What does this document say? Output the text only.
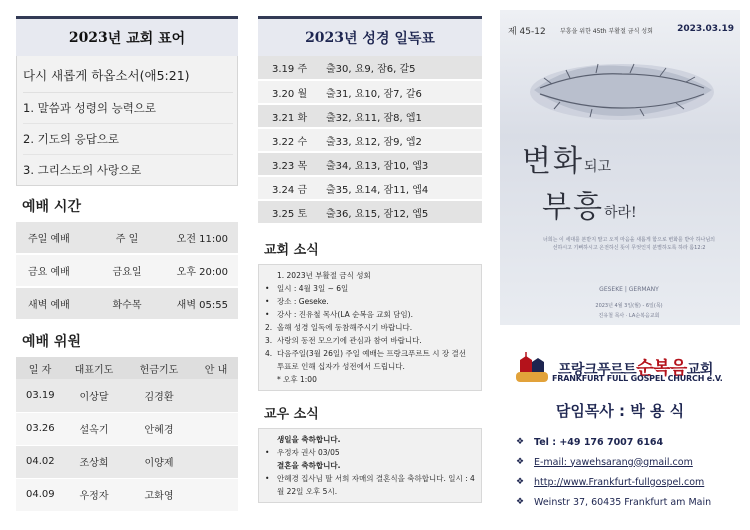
2023 년 교회 표어
다시 새롭게 하옵소서(애5:21)
1. 말씀과 성령의 능력으로
2. 기도의 응답으로
3. 그리스도의 사랑으로
예배 시간
주일 예배	주 일	오전 11:00
금요 예배	금요일	오후 20:00
새벽 예배	화수목	새벽 05:55
예배 위원
일 자	대표기도	헌금기도	안 내
03.19	이상달	김경환	
03.26	설옥기	안혜경	
04.02	조상희	이양제	
04.09	우정자	고화영	
2023 년 성경 일독표
3.19 주	출30, 요9, 잠6, 갈5
3.20 월	출31, 요10, 잠7, 갈6
3.21 화	출32, 요11, 잠8, 엡1
3.22 수	출33, 요12, 잠9, 엡2
3.23 목	출34, 요13, 잠10, 엡3
3.24 금	출35, 요14, 잠11, 엡4
3.25 토	출36, 요15, 잠12, 엡5
교회 소식
1. 2023년 부활절 금식 성회
•	일시 : 4월 3일 ~ 6일
•	장소 : Geseke.
•	강사 : 진유철 목사(LA 순복음 교회 담임).
2. 올해 성경 일독에 동참해주시기 바랍니다.
3. 사랑의 동전 모으기에 관심과 참여 바랍니다.
4. 다음주일(3월 26일) 주일 예배는 프랑크푸르트 시 장 결선 투표로 인해 십자가 성전에서 드립니다.
* 오후 1:00
교우 소식
생일을 축하합니다.
•	우정자 권사 03/05
결혼을 축하합니다.
•	안혜경 집사님 딸 서희 자매의 결혼식을 축하합니다. 일시 : 4월 22일 오후 5시.
제 45-12 부흥을 위한 45th 부활절 금식 성회	2023.03.19
변화되고
부흥하라!
너희는 이 세대를 본받지 말고 오직 마음을 새롭게 함으로 변화를 받아 하나님의 선하시고 기뻐하시고 온전하신 뜻이 무엇인지 분별하도록 하라 롬12:2
GESEKE | GERMANY
2023년 4월 3일(월) - 6일(목)
진유철 목사 · LA순복음교회
프랑크푸르트순복음교회
FRANKFURT FULL GOSPEL CHURCH e.V.
담임목사 : 박 용 식
❖	Tel : +49 176 7007 6164
❖	E-mail: yawehsarang@gmail.com
❖	http://www.Frankfurt-fullgospel.com
❖	Weinstr 37, 60435 Frankfurt am Main
